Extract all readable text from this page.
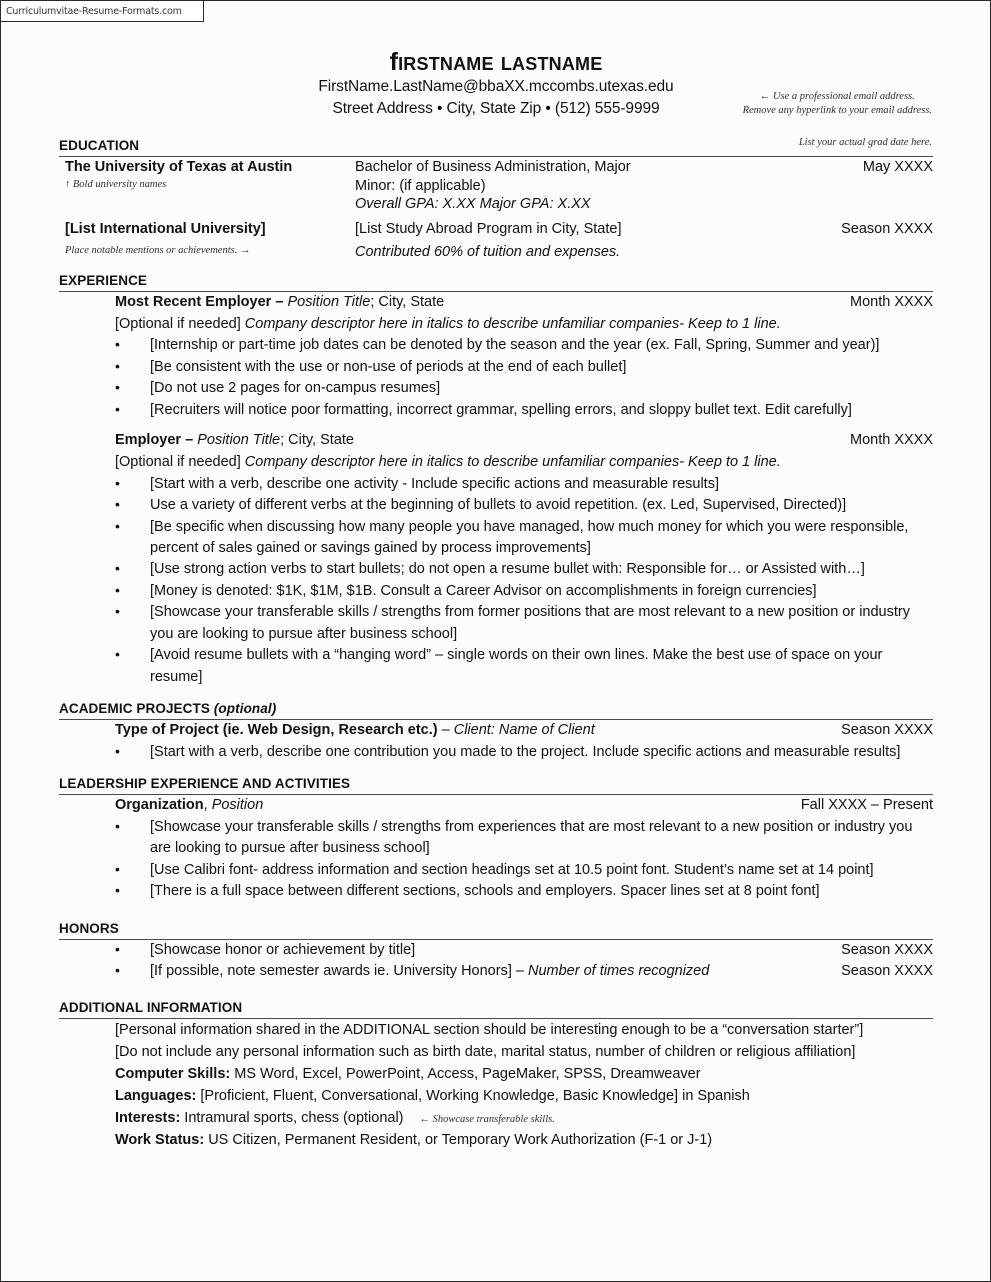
Curriculumvitae-Resume-Formats.com
firstname lastname
FirstName.LastName@bbaXX.mccombs.utexas.edu
Street Address • City, State Zip • (512) 555-9999
← Use a professional email address.
Remove any hyperlink to your email address.
List your actual grad date here.
EDUCATION
The University of Texas at Austin	Bachelor of Business Administration, Major	May XXXX
↑ Bold university names	Minor: (if applicable)
Overall GPA: X.XX Major GPA: X.XX
[List International University]	[List Study Abroad Program in City, State]	Season XXXX
Place notable mentions or achievements. →	Contributed 60% of tuition and expenses.
EXPERIENCE
Most Recent Employer – Position Title; City, State	Month XXXX
[Optional if needed] Company descriptor here in italics to describe unfamiliar companies- Keep to 1 line.
• [Internship or part-time job dates can be denoted by the season and the year (ex. Fall, Spring, Summer and year)]
• [Be consistent with the use or non-use of periods at the end of each bullet]
• [Do not use 2 pages for on-campus resumes]
• [Recruiters will notice poor formatting, incorrect grammar, spelling errors, and sloppy bullet text. Edit carefully]
Employer – Position Title; City, State	Month XXXX
[Optional if needed] Company descriptor here in italics to describe unfamiliar companies- Keep to 1 line.
• [Start with a verb, describe one activity - Include specific actions and measurable results]
• Use a variety of different verbs at the beginning of bullets to avoid repetition. (ex. Led, Supervised, Directed)]
• [Be specific when discussing how many people you have managed, how much money for which you were responsible, percent of sales gained or savings gained by process improvements]
• [Use strong action verbs to start bullets; do not open a resume bullet with: Responsible for… or Assisted with…]
• [Money is denoted: $1K, $1M, $1B. Consult a Career Advisor on accomplishments in foreign currencies]
• [Showcase your transferable skills / strengths from former positions that are most relevant to a new position or industry you are looking to pursue after business school]
• [Avoid resume bullets with a “hanging word” – single words on their own lines. Make the best use of space on your resume]
ACADEMIC PROJECTS (optional)
Type of Project (ie. Web Design, Research etc.) – Client: Name of Client	Season XXXX
• [Start with a verb, describe one contribution you made to the project. Include specific actions and measurable results]
LEADERSHIP EXPERIENCE AND ACTIVITIES
Organization, Position	Fall XXXX – Present
• [Showcase your transferable skills / strengths from experiences that are most relevant to a new position or industry you are looking to pursue after business school]
• [Use Calibri font- address information and section headings set at 10.5 point font. Student’s name set at 14 point]
• [There is a full space between different sections, schools and employers. Spacer lines set at 8 point font]
HONORS
• [Showcase honor or achievement by title]	Season XXXX
• [If possible, note semester awards ie. University Honors] – Number of times recognized	Season XXXX
ADDITIONAL INFORMATION
[Personal information shared in the ADDITIONAL section should be interesting enough to be a “conversation starter”]
[Do not include any personal information such as birth date, marital status, number of children or religious affiliation]
Computer Skills: MS Word, Excel, PowerPoint, Access, PageMaker, SPSS, Dreamweaver
Languages: [Proficient, Fluent, Conversational, Working Knowledge, Basic Knowledge] in Spanish
Interests: Intramural sports, chess (optional) ← Showcase transferable skills.
Work Status: US Citizen, Permanent Resident, or Temporary Work Authorization (F-1 or J-1)
